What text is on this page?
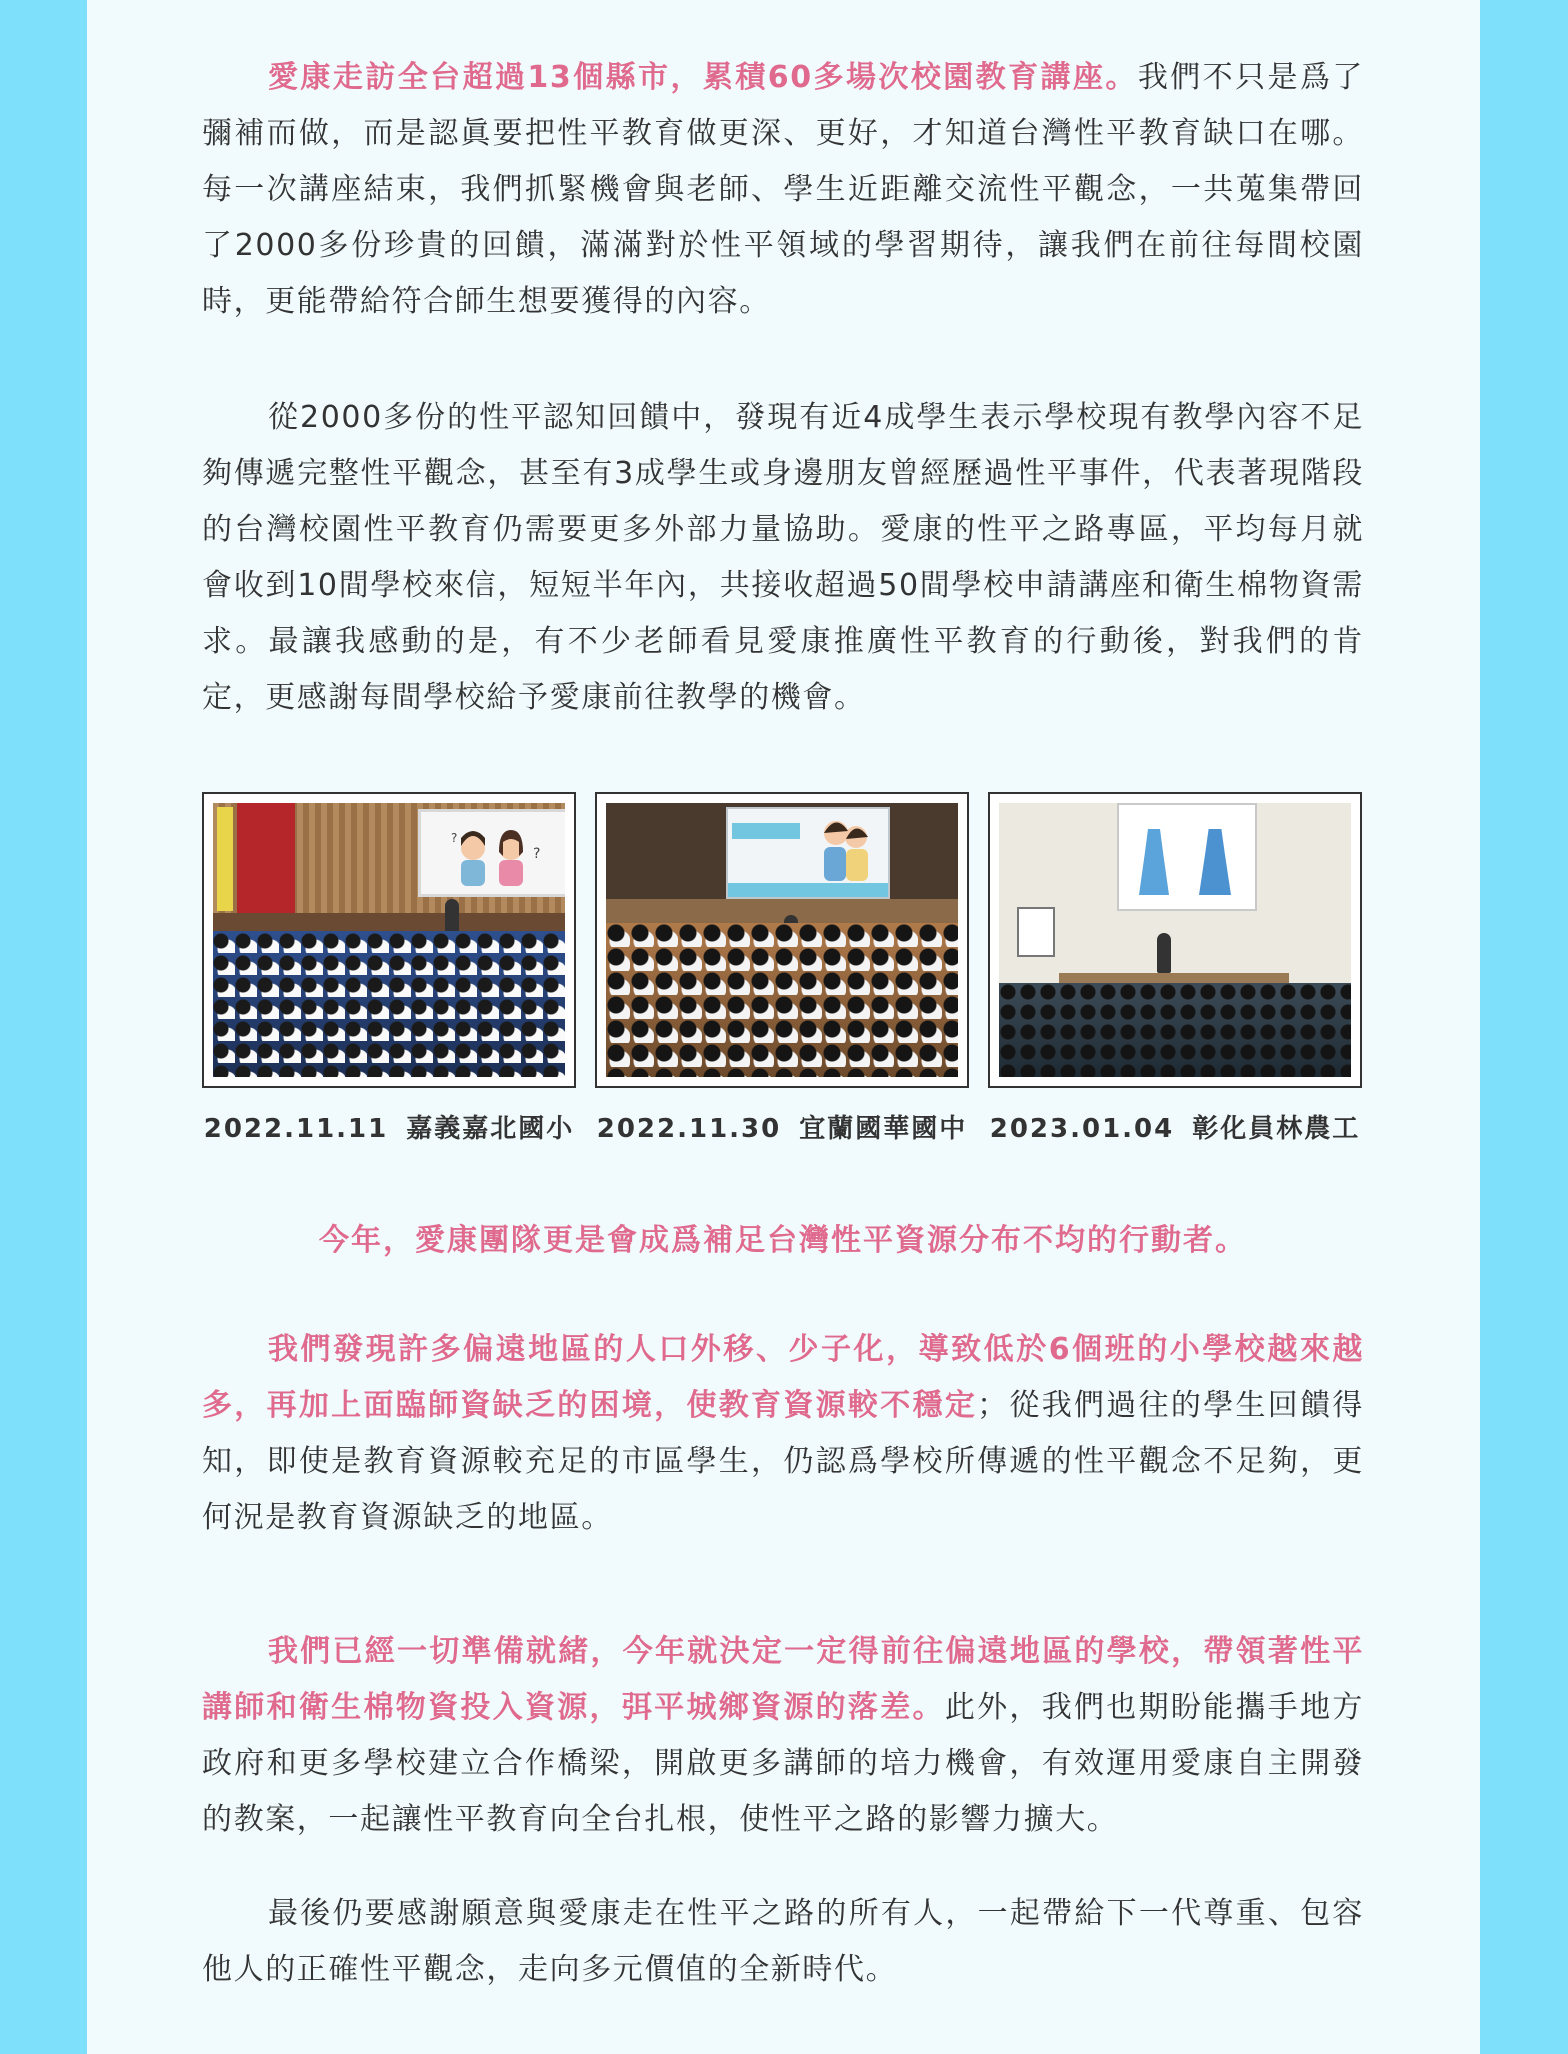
愛康走訪全台超過13個縣市，累積60多場次校園教育講座。我們不只是爲了彌補而做，而是認眞要把性平教育做更深、更好，才知道台灣性平教育缺口在哪。每一次講座結束，我們抓緊機會與老師、學生近距離交流性平觀念，一共蒐集帶回了2000多份珍貴的回饋，滿滿對於性平領域的學習期待，讓我們在前往每間校園時，更能帶給符合師生想要獲得的內容。

從2000多份的性平認知回饋中，發現有近4成學生表示學校現有教學內容不足夠傳遞完整性平觀念，甚至有3成學生或身邊朋友曾經歷過性平事件，代表著現階段的台灣校園性平教育仍需要更多外部力量協助。愛康的性平之路專區，平均每月就會收到10間學校來信，短短半年內，共接收超過50間學校申請講座和衛生棉物資需求。最讓我感動的是，有不少老師看見愛康推廣性平教育的行動後，對我們的肯定，更感謝每間學校給予愛康前往教學的機會。

?
?
2022.11.11 嘉義嘉北國小 2022.11.30 宜蘭國華國中 2023.01.04 彰化員林農工
今年，愛康團隊更是會成爲補足台灣性平資源分布不均的行動者。

我們發現許多偏遠地區的人口外移、少子化，導致低於6個班的小學校越來越多，再加上面臨師資缺乏的困境，使教育資源較不穩定；從我們過往的學生回饋得知，即使是教育資源較充足的市區學生，仍認爲學校所傳遞的性平觀念不足夠，更何況是教育資源缺乏的地區。

我們已經一切準備就緒，今年就決定一定得前往偏遠地區的學校，帶領著性平講師和衛生棉物資投入資源，弭平城鄉資源的落差。此外，我們也期盼能攜手地方政府和更多學校建立合作橋梁，開啟更多講師的培力機會，有效運用愛康自主開發的教案，一起讓性平教育向全台扎根，使性平之路的影響力擴大。

最後仍要感謝願意與愛康走在性平之路的所有人，一起帶給下一代尊重、包容他人的正確性平觀念，走向多元價值的全新時代。
